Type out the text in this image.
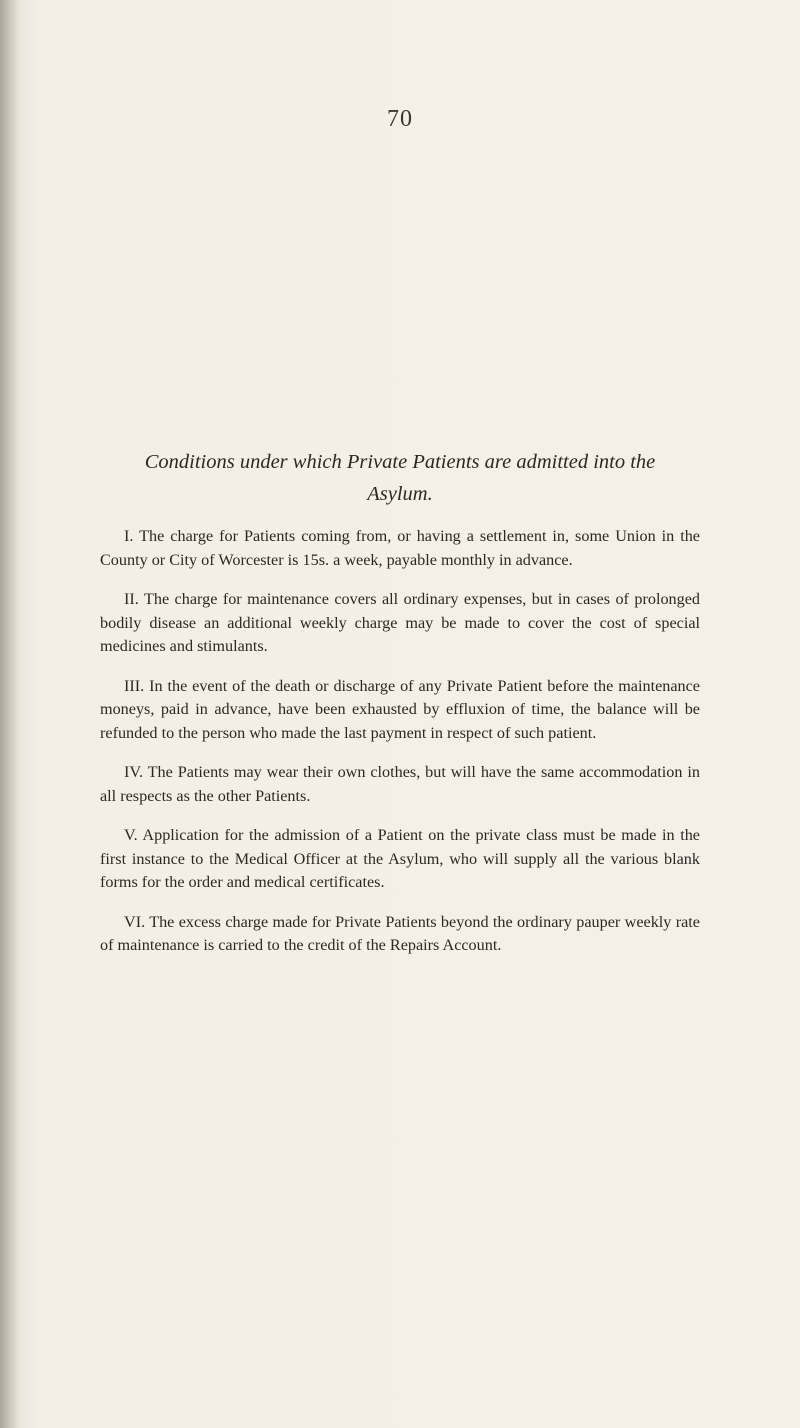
70
Conditions under which Private Patients are admitted into the
Asylum.

I. The charge for Patients coming from, or having a settlement in, some Union in the County or City of Worcester is 15s. a week, payable monthly in advance.

II. The charge for maintenance covers all ordinary expenses, but in cases of prolonged bodily disease an additional weekly charge may be made to cover the cost of special medicines and stimulants.

III. In the event of the death or discharge of any Private Patient before the maintenance moneys, paid in advance, have been exhausted by effluxion of time, the balance will be refunded to the person who made the last payment in respect of such patient.

IV. The Patients may wear their own clothes, but will have the same accommodation in all respects as the other Patients.

V. Application for the admission of a Patient on the private class must be made in the first instance to the Medical Officer at the Asylum, who will supply all the various blank forms for the order and medical certificates.

VI. The excess charge made for Private Patients beyond the ordinary pauper weekly rate of maintenance is carried to the credit of the Repairs Account.
